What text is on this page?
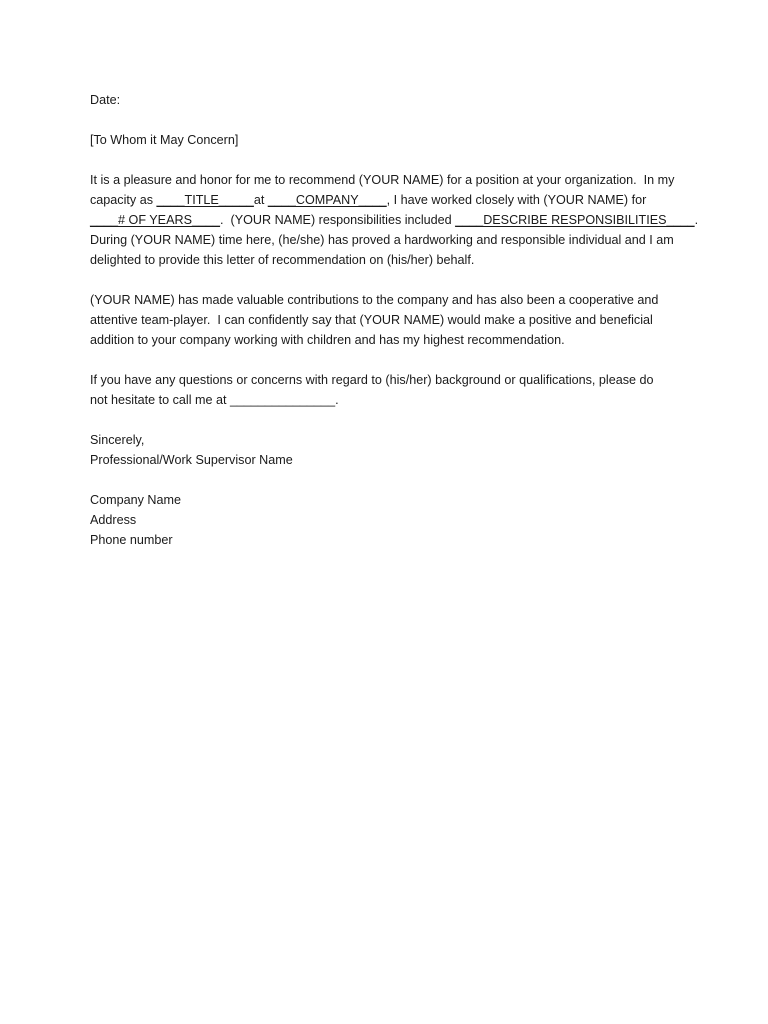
Date:
[To Whom it May Concern]
It is a pleasure and honor for me to recommend (YOUR NAME) for a position at your organization.  In my
capacity as ____TITLE_____at ____COMPANY____, I have worked closely with (YOUR NAME) for
____# OF YEARS____.  (YOUR NAME) responsibilities included ____DESCRIBE RESPONSIBILITIES____.
During (YOUR NAME) time here, (he/she) has proved a hardworking and responsible individual and I am
delighted to provide this letter of recommendation on (his/her) behalf.
(YOUR NAME) has made valuable contributions to the company and has also been a cooperative and
attentive team-player.  I can confidently say that (YOUR NAME) would make a positive and beneficial
addition to your company working with children and has my highest recommendation.
If you have any questions or concerns with regard to (his/her) background or qualifications, please do
not hesitate to call me at _______________.
Sincerely,
Professional/Work Supervisor Name
Company Name
Address
Phone number
